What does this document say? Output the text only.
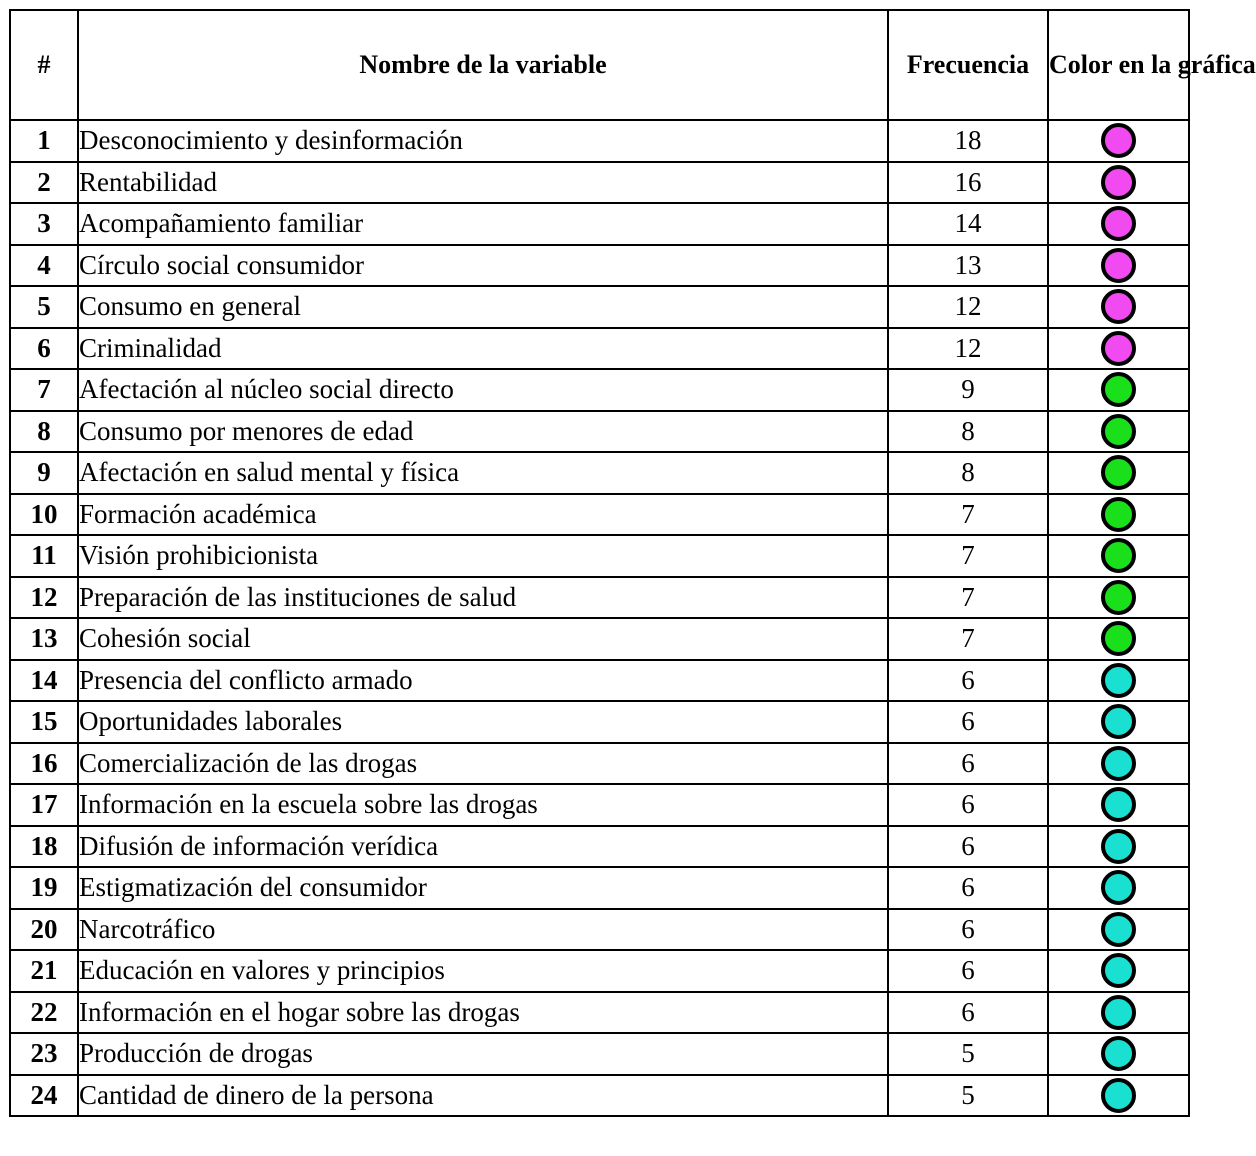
#	Nombre de la variable	Frecuencia	Color en la gráfica
1	Desconocimiento y desinformación	18	
2	Rentabilidad	16	
3	Acompañamiento familiar	14	
4	Círculo social consumidor	13	
5	Consumo en general	12	
6	Criminalidad	12	
7	Afectación al núcleo social directo	9	
8	Consumo por menores de edad	8	
9	Afectación en salud mental y física	8	
10	Formación académica	7	
11	Visión prohibicionista	7	
12	Preparación de las instituciones de salud	7	
13	Cohesión social	7	
14	Presencia del conflicto armado	6	
15	Oportunidades laborales	6	
16	Comercialización de las drogas	6	
17	Información en la escuela sobre las drogas	6	
18	Difusión de información verídica	6	
19	Estigmatización del consumidor	6	
20	Narcotráfico	6	
21	Educación en valores y principios	6	
22	Información en el hogar sobre las drogas	6	
23	Producción de drogas	5	
24	Cantidad de dinero de la persona	5	
